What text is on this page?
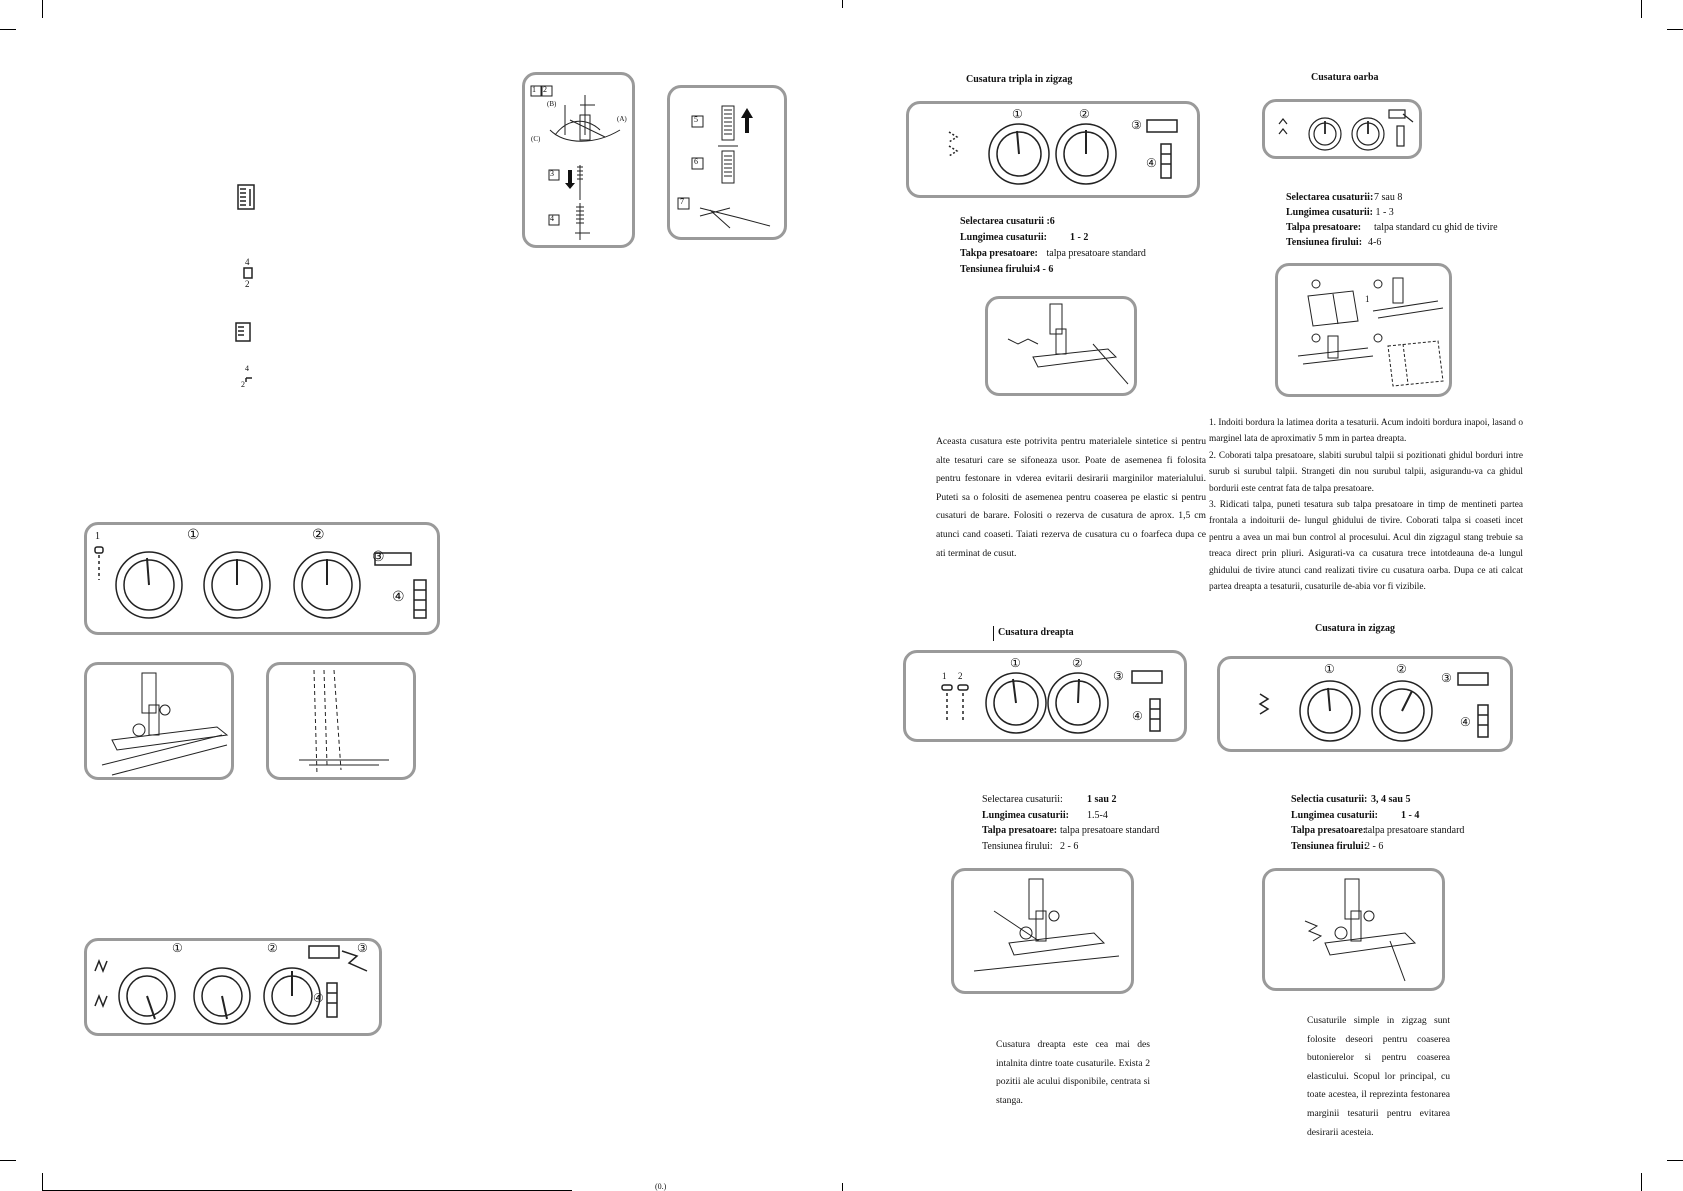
(0.)
4
2
4
2
1 2
3
4
(A)
(B)
(C)
5
6
7
①	②
③
④
1
①	②	③
④
Cusatura tripla in zigzag
①	②
③
④
Selectarea cusaturii :6
Lungimea cusaturii: 1 - 2
Takpa presatoare: talpa presatoare standard
Tensiunea firului:4 - 6
Aceasta cusatura este potrivita pentru materialele sintetice si pentru alte tesaturi care se sifoneaza usor. Poate de asemenea fi folosita pentru festonare in vderea evitarii desirarii marginilor materialului. Puteti sa o folositi de asemenea pentru coaserea pe elastic si pentru cusaturi de barare. Folositi o rezerva de cusatura de aprox. 1,5 cm atunci cand coaseti. Taiati rezerva de cusatura cu o foarfeca dupa ce ati terminat de cusut.
Cusatura oarba
Selectarea cusaturii:7 sau 8
Lungimea cusaturii: 1 - 3
Talpa presatoare: talpa standard cu ghid de tivire
Tensiunea firului: 4-6
1
1. Indoiti bordura la latimea dorita a tesaturii. Acum indoiti bordura inapoi, lasand o marginel lata de aproximativ 5 mm in partea dreapta.
2. Coborati talpa presatoare, slabiti surubul talpii si pozitionati ghidul borduri intre surub si surubul talpii. Strangeti din nou surubul talpii, asigurandu-va ca ghidul bordurii este centrat fata de talpa presatoare.
3. Ridicati talpa, puneti tesatura sub talpa presatoare in timp de mentineti partea frontala a indoiturii de- lungul ghidului de tivire. Coborati talpa si coaseti incet pentru a avea un mai bun control al procesului. Acul din zigzagul stang trebuie sa treaca direct prin pliuri. Asigurati-va ca cusatura trece intotdeauna de-a lungul ghidului de tivire atunci cand realizati tivire cu cusatura oarba. Dupa ce ati calcat partea dreapta a tesaturii, cusaturile de-abia vor fi vizibile.
Cusatura dreapta
1 2
①	②
③
④
Selectarea cusaturii: 1 sau 2
Lungimea cusaturii: 1.5-4
Talpa presatoare: talpa presatoare standard
Tensiunea firului: 2 - 6
Cusatura dreapta este cea mai des intalnita dintre toate cusaturile. Exista 2 pozitii ale acului disponibile, centrata si stanga.
Cusatura in zigzag
①	②
③
④
Selectia cusaturii: 3, 4 sau 5
Lungimea cusaturii: 1 - 4
Talpa presatoare:talpa presatoare standard
Tensiunea firului:2 - 6
Cusaturile simple in zigzag sunt folosite deseori pentru coaserea butonierelor si pentru coaserea elasticului. Scopul lor principal, cu toate acestea, il reprezinta festonarea marginii tesaturii pentru evitarea desirarii acesteia.
